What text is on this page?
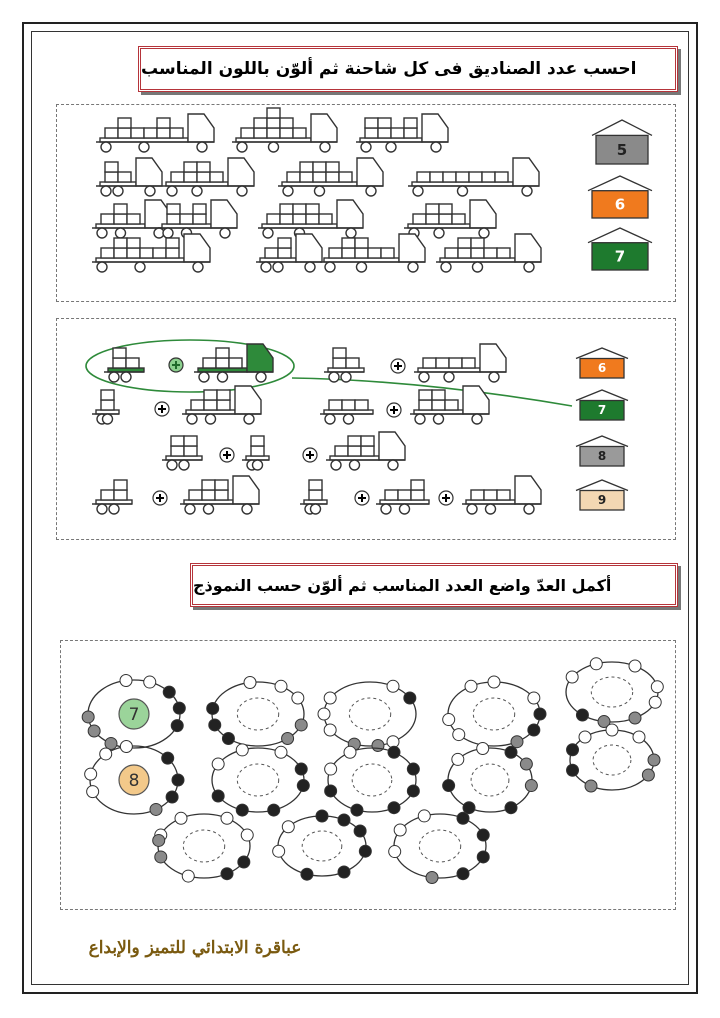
احسب عدد الصناديق فى كل شاحنة ثم ألوّن باللون المناسب
5
6
7
6
7
8
9
أكمل العدّ واضع العدد المناسب ثم ألوّن حسب النموذج
7
8
عباقرة الابتدائي للتميز والإبداع
